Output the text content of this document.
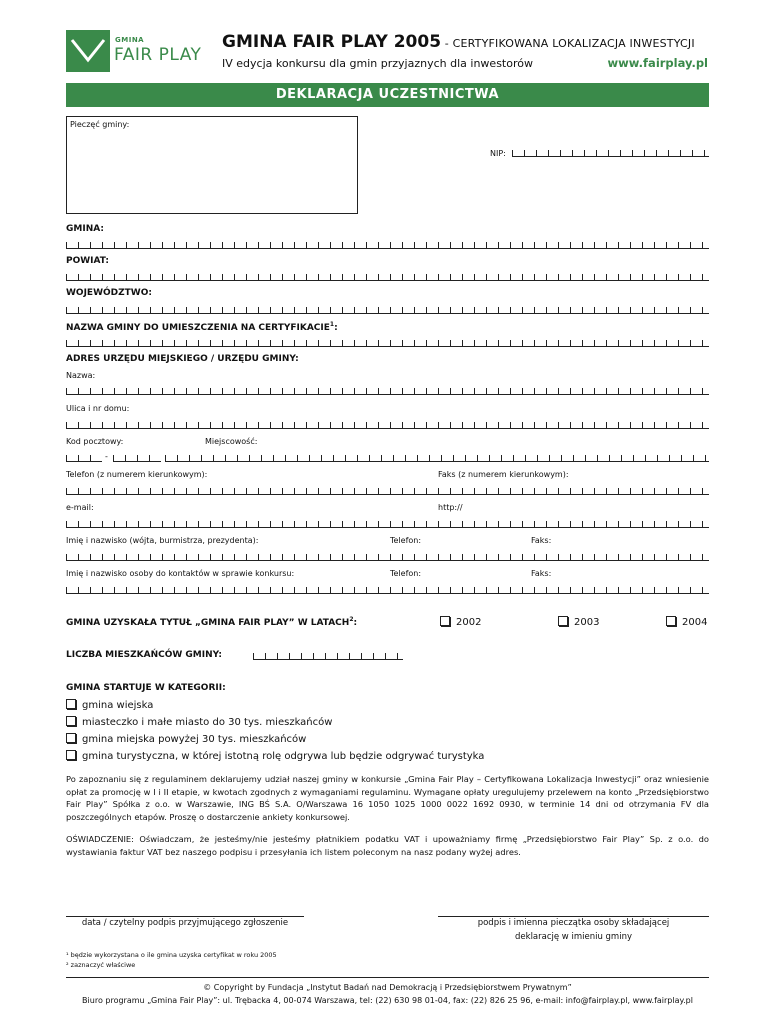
GMINA
FAIR PLAY
GMINA FAIR PLAY 2005 - CERTYFIKOWANA LOKALIZACJA INWESTYCJI
IV edycja konkursu dla gmin przyjaznych dla inwestorów	www.fairplay.pl
DEKLARACJA UCZESTNICTWA
Pieczęć gminy:
NIP:
GMINA:
POWIAT:
WOJEWÓDZTWO:
NAZWA GMINY DO UMIESZCZENIA NA CERTYFIKACIE$^1$:
ADRES URZĘDU MIEJSKIEGO / URZĘDU GMINY:
Nazwa:
Ulica i nr domu:
Kod pocztowy:	Miejscowość:
-
Telefon (z numerem kierunkowym):	Faks (z numerem kierunkowym):
e-mail:	http://
Imię i nazwisko (wójta, burmistrza, prezydenta):	Telefon:	Faks:
Imię i nazwisko osoby do kontaktów w sprawie konkursu:	Telefon:	Faks:
GMINA UZYSKAŁA TYTUŁ „GMINA FAIR PLAY” W LATACH$^2$:	2002	2003	2004
LICZBA MIESZKAŃCÓW GMINY:
GMINA STARTUJE W KATEGORII:
gmina wiejska
miasteczko i małe miasto do 30 tys. mieszkańców
gmina miejska powyżej 30 tys. mieszkańców
gmina turystyczna, w której istotną rolę odgrywa lub będzie odgrywać turystyka
Po zapoznaniu się z regulaminem deklarujemy udział naszej gminy w konkursie „Gmina Fair Play – Certyfikowana Lokalizacja Inwestycji” oraz wniesienie opłat za promocję w I i II etapie, w kwotach zgodnych z wymaganiami regulaminu. Wymagane opłaty uregulujemy przelewem na konto „Przedsiębiorstwo Fair Play” Spółka z o.o. w Warszawie, ING BŚ S.A. O/Warszawa 16 1050 1025 1000 0022 1692 0930, w terminie 14 dni od otrzymania FV dla poszczególnych etapów. Proszę o dostarczenie ankiety konkursowej.
OŚWIADCZENIE: Oświadczam, że jesteśmy/nie jesteśmy płatnikiem podatku VAT i upoważniamy firmę „Przedsiębiorstwo Fair Play” Sp. z o.o. do wystawiania faktur VAT bez naszego podpisu i przesyłania ich listem poleconym na nasz podany wyżej adres.
data / czytelny podpis przyjmującego zgłoszenie	podpis i imienna pieczątka osoby składającej
deklarację w imieniu gminy
¹ będzie wykorzystana o ile gmina uzyska certyfikat w roku 2005
² zaznaczyć właściwe
© Copyright by Fundacja „Instytut Badań nad Demokracją i Przedsiębiorstwem Prywatnym”
Biuro programu „Gmina Fair Play”: ul. Trębacka 4, 00-074 Warszawa, tel: (22) 630 98 01-04, fax: (22) 826 25 96, e-mail: info@fairplay.pl, www.fairplay.pl
